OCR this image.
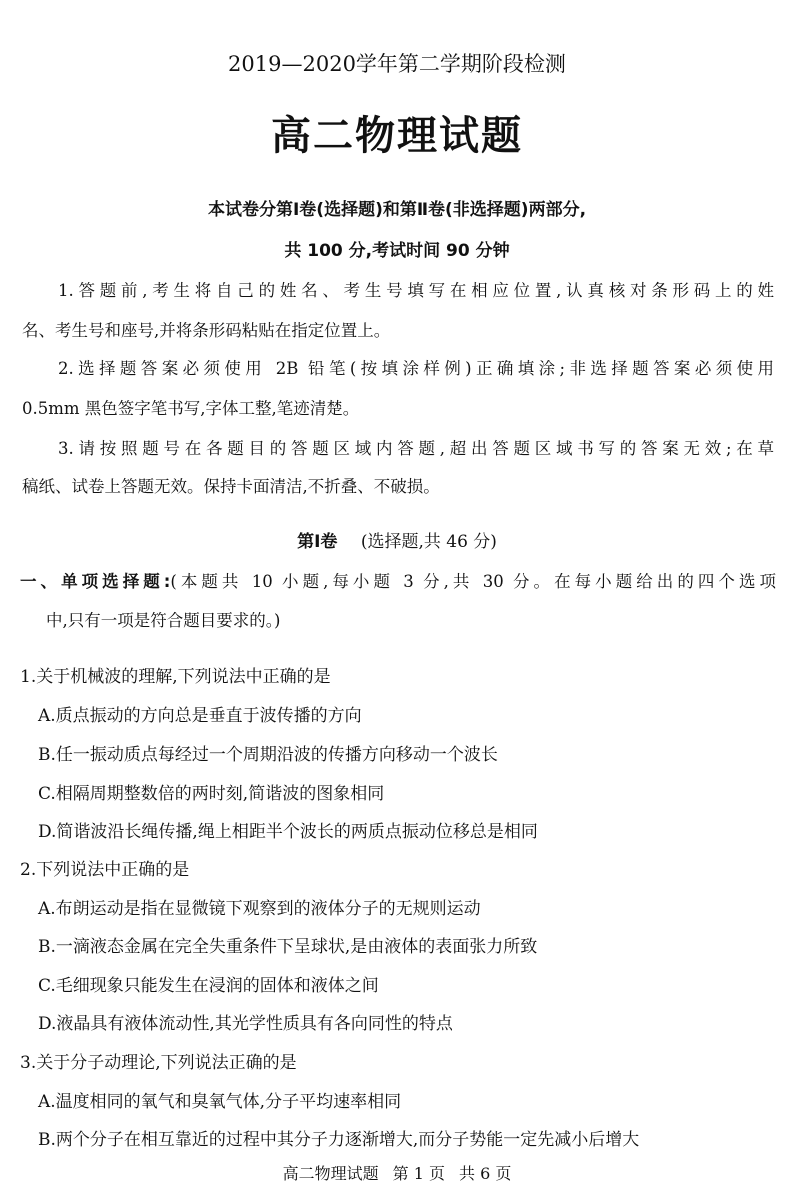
2019—2020学年第二学期阶段检测
高二物理试题
本试卷分第Ⅰ卷(选择题)和第Ⅱ卷(非选择题)两部分,
共 100 分,考试时间 90 分钟
1.答题前,考生将自己的姓名、考生号填写在相应位置,认真核对条形码上的姓
名、考生号和座号,并将条形码粘贴在指定位置上。
2.选择题答案必须使用 2B 铅笔(按填涂样例)正确填涂;非选择题答案必须使用
0.5mm 黑色签字笔书写,字体工整,笔迹清楚。
3.请按照题号在各题目的答题区域内答题,超出答题区域书写的答案无效;在草
稿纸、试卷上答题无效。保持卡面清洁,不折叠、不破损。
第Ⅰ卷 (选择题,共 46 分)
一、单项选择题:(本题共 10 小题,每小题 3 分,共 30 分。在每小题给出的四个选项
中,只有一项是符合题目要求的。)
1.关于机械波的理解,下列说法中正确的是
A.质点振动的方向总是垂直于波传播的方向
B.任一振动质点每经过一个周期沿波的传播方向移动一个波长
C.相隔周期整数倍的两时刻,简谐波的图象相同
D.简谐波沿长绳传播,绳上相距半个波长的两质点振动位移总是相同
2.下列说法中正确的是
A.布朗运动是指在显微镜下观察到的液体分子的无规则运动
B.一滴液态金属在完全失重条件下呈球状,是由液体的表面张力所致
C.毛细现象只能发生在浸润的固体和液体之间
D.液晶具有液体流动性,其光学性质具有各向同性的特点
3.关于分子动理论,下列说法正确的是
A.温度相同的氧气和臭氧气体,分子平均速率相同
B.两个分子在相互靠近的过程中其分子力逐渐增大,而分子势能一定先减小后增大
高二物理试题 第 1 页 共 6 页
